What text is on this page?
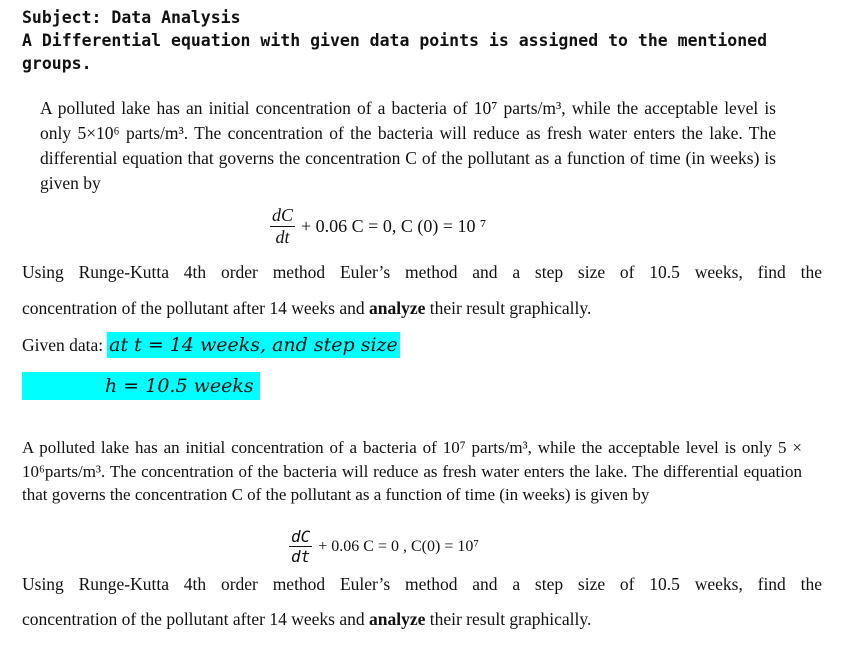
Subject: Data Analysis
A Differential equation with given data points is assigned to the mentioned groups.
A polluted lake has an initial concentration of a bacteria of 10⁷ parts/m³, while the acceptable level is only 5×10⁶ parts/m³. The concentration of the bacteria will reduce as fresh water enters the lake. The differential equation that governs the concentration C of the pollutant as a function of time (in weeks) is given by
$\frac{dC}{dt} + 0.06$ C = 0, C (0) = 10 ⁷
Using Runge-Kutta 4th order method Euler’s method and a step size of 10.5 weeks, find the
concentration of the pollutant after 14 weeks and analyze their result graphically.
Given data: at t = 14 weeks, and step size
h = 10.5 weeks
A polluted lake has an initial concentration of a bacteria of 10⁷ parts/m³, while the acceptable level is only 5 × 10⁶parts/m³. The concentration of the bacteria will reduce as fresh water enters the lake. The differential equation that governs the concentration C of the pollutant as a function of time (in weeks) is given by
$\frac{dC}{dt} + 0.06$ C = 0 , C(0) = 10⁷
Using Runge-Kutta 4th order method Euler’s method and a step size of 10.5 weeks, find the
concentration of the pollutant after 14 weeks and analyze their result graphically.
